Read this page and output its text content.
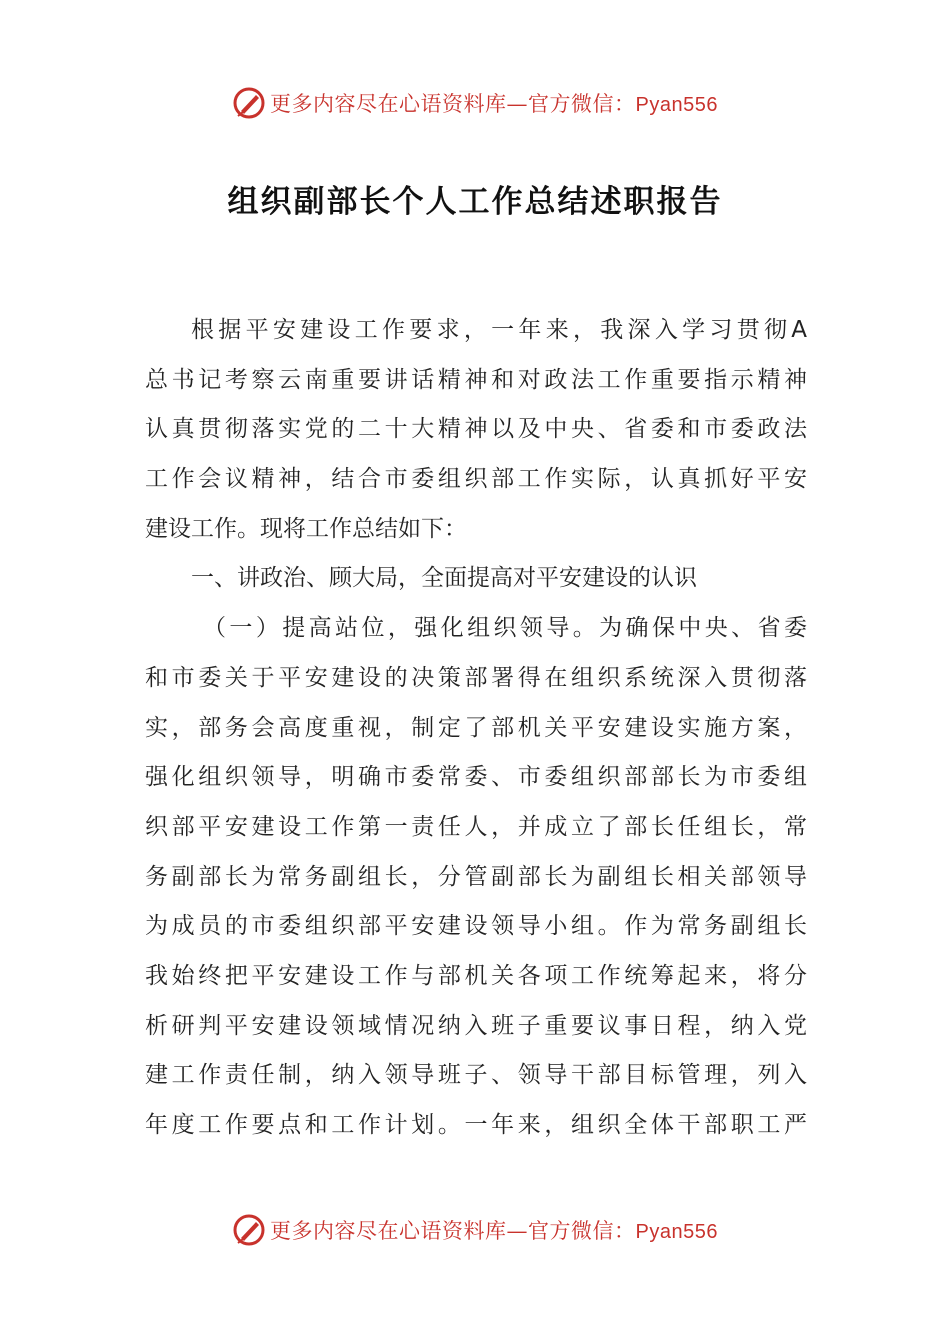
更多内容尽在心语资料库—官方微信：Pyan556
组织副部长个人工作总结述职报告
根据平安建设工作要求，一年来，我深入学习贯彻A
总书记考察云南重要讲话精神和对政法工作重要指示精神
认真贯彻落实党的二十大精神以及中央、省委和市委政法
工作会议精神，结合市委组织部工作实际，认真抓好平安
建设工作。现将工作总结如下：
一、讲政治、顾大局，全面提高对平安建设的认识
（一）提高站位，强化组织领导。为确保中央、省委
和市委关于平安建设的决策部署得在组织系统深入贯彻落
实，部务会高度重视，制定了部机关平安建设实施方案，
强化组织领导，明确市委常委、市委组织部部长为市委组
织部平安建设工作第一责任人，并成立了部长任组长，常
务副部长为常务副组长，分管副部长为副组长相关部领导
为成员的市委组织部平安建设领导小组。作为常务副组长
我始终把平安建设工作与部机关各项工作统筹起来，将分
析研判平安建设领域情况纳入班子重要议事日程，纳入党
建工作责任制，纳入领导班子、领导干部目标管理，列入
年度工作要点和工作计划。一年来，组织全体干部职工严
更多内容尽在心语资料库—官方微信：Pyan556
